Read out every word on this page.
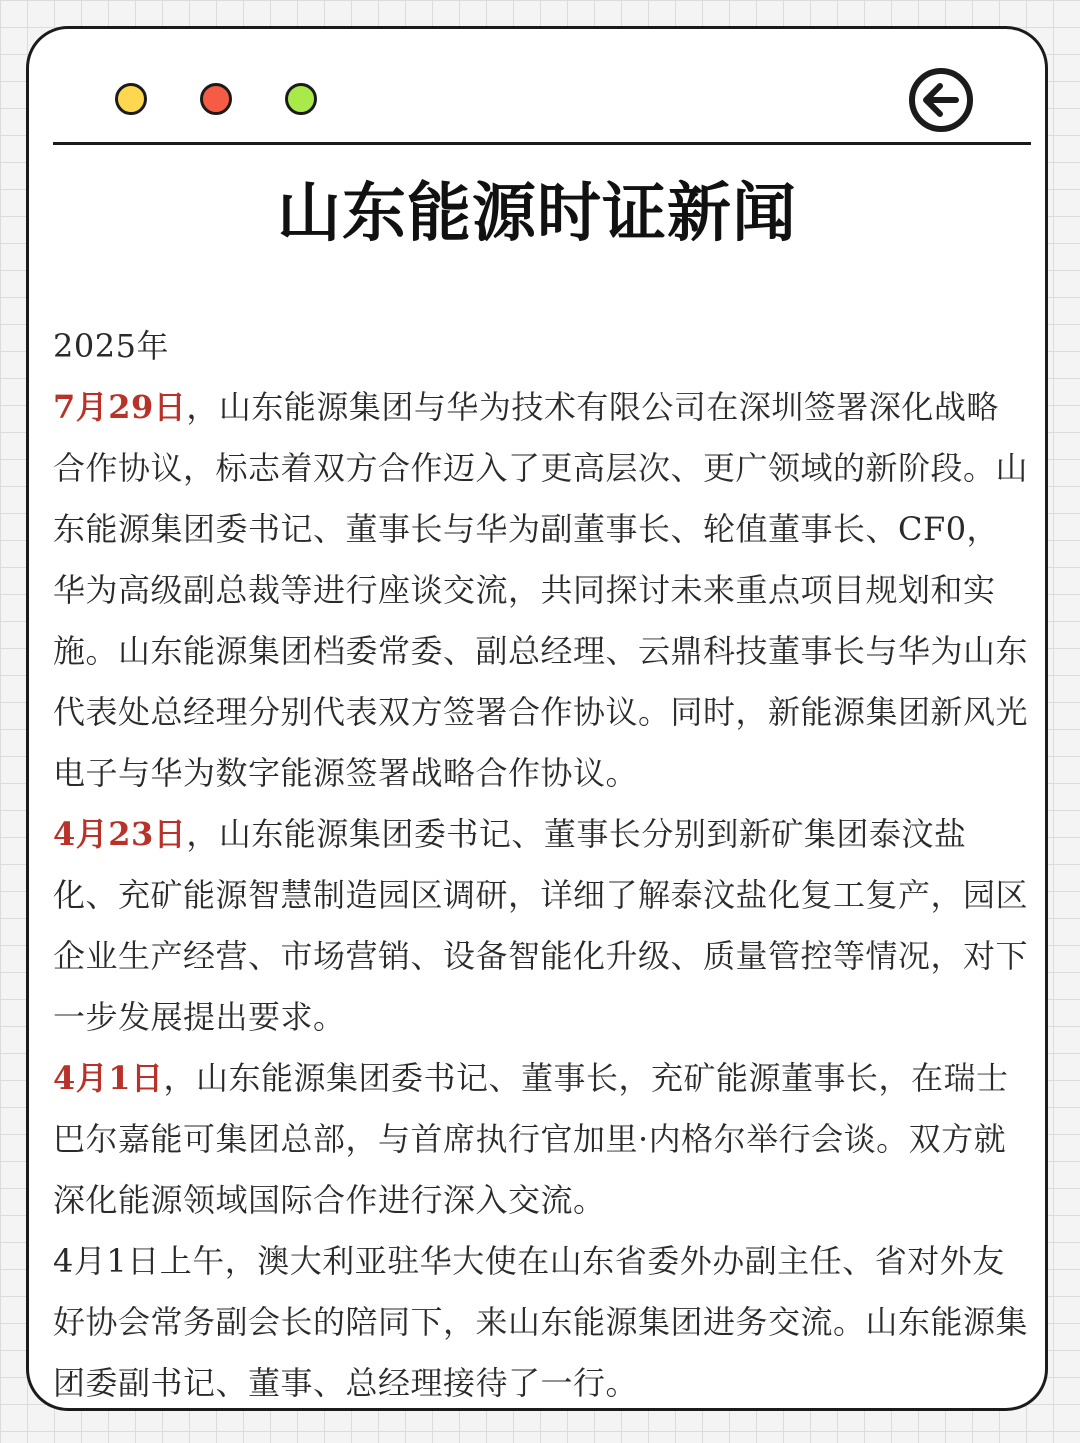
山东能源时证新闻

2025年

7月29日，山东能源集团与华为技术有限公司在深圳签署深化战略合作协议，标志着双方合作迈入了更高层次、更广领域的新阶段。山东能源集团委书记、董事长与华为副董事长、轮值董事长、CF0，华为高级副总裁等进行座谈交流，共同探讨未来重点项目规划和实施。山东能源集团档委常委、副总经理、云鼎科技董事长与华为山东代表处总经理分别代表双方签署合作协议。同时，新能源集团新风光电子与华为数字能源签署战略合作协议。

4月23日，山东能源集团委书记、董事长分别到新矿集团泰汶盐化、充矿能源智慧制造园区调研，详细了解泰汶盐化复工复产，园区企业生产经营、市场营销、设备智能化升级、质量管控等情况，对下一步发展提出要求。

4月1日，山东能源集团委书记、董事长，充矿能源董事长，在瑞士巴尔嘉能可集团总部，与首席执行官加里·内格尔举行会谈。双方就深化能源领域国际合作进行深入交流。

4月1日上午，澳大利亚驻华大使在山东省委外办副主任、省对外友好协会常务副会长的陪同下，来山东能源集团进务交流。山东能源集团委副书记、董事、总经理接待了一行。
